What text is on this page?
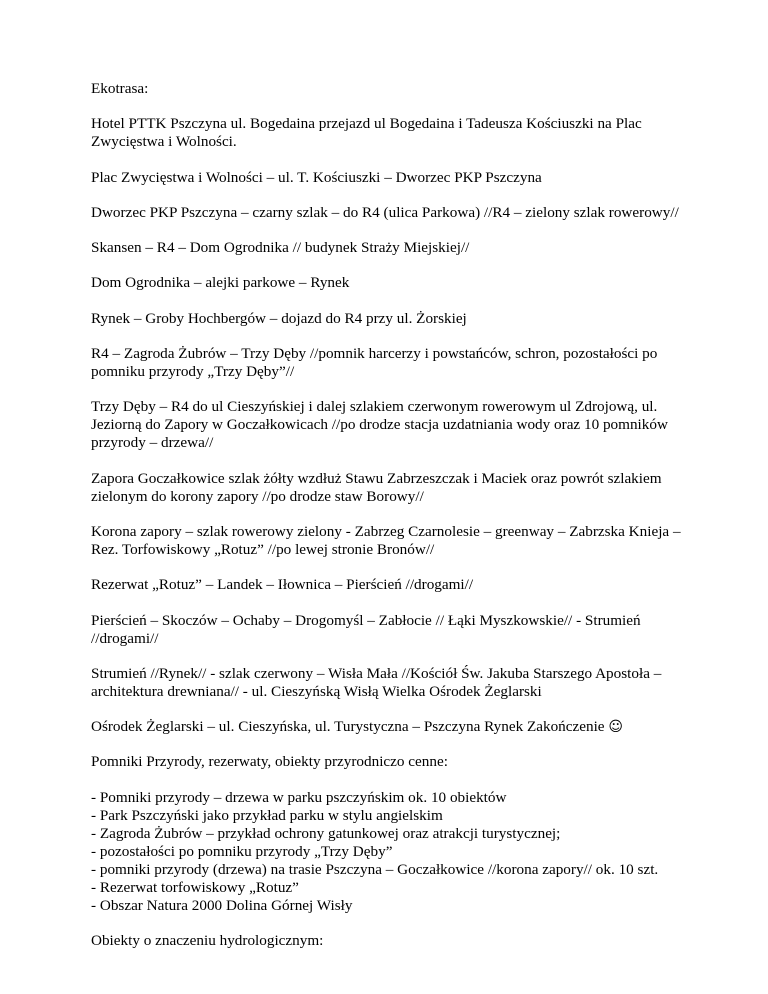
Ekotrasa:

Hotel PTTK Pszczyna ul. Bogedaina przejazd ul Bogedaina i Tadeusza Kościuszki na Plac Zwycięstwa i Wolności.

Plac Zwycięstwa i Wolności – ul. T. Kościuszki – Dworzec PKP Pszczyna

Dworzec PKP Pszczyna – czarny szlak – do R4 (ulica Parkowa) //R4 – zielony szlak rowerowy//

Skansen – R4 – Dom Ogrodnika // budynek Straży Miejskiej//

Dom Ogrodnika – alejki parkowe – Rynek

Rynek – Groby Hochbergów – dojazd do R4 przy ul. Żorskiej

R4 – Zagroda Żubrów – Trzy Dęby //pomnik harcerzy i powstańców, schron, pozostałości po pomniku przyrody „Trzy Dęby”//

Trzy Dęby – R4 do ul Cieszyńskiej i dalej szlakiem czerwonym rowerowym ul Zdrojową, ul. Jeziorną do Zapory w Goczałkowicach //po drodze stacja uzdatniania wody oraz 10 pomników przyrody – drzewa//

Zapora Goczałkowice szlak żółty wzdłuż Stawu Zabrzeszczak i Maciek oraz powrót szlakiem zielonym do korony zapory //po drodze staw Borowy//

Korona zapory – szlak rowerowy zielony - Zabrzeg Czarnolesie – greenway – Zabrzska Knieja – Rez. Torfowiskowy „Rotuz” //po lewej stronie Bronów//

Rezerwat „Rotuz” – Landek – Iłownica – Pierścień //drogami//

Pierścień – Skoczów – Ochaby – Drogomyśl – Zabłocie // Łąki Myszkowskie// - Strumień //drogami//

Strumień //Rynek// - szlak czerwony – Wisła Mała //Kościół Św. Jakuba Starszego Apostoła – architektura drewniana// - ul. Cieszyńską Wisłą Wielka Ośrodek Żeglarski

Ośrodek Żeglarski – ul. Cieszyńska, ul. Turystyczna – Pszczyna Rynek Zakończenie ☺

Pomniki Przyrody, rezerwaty, obiekty przyrodniczo cenne:

- Pomniki przyrody – drzewa w parku pszczyńskim ok. 10 obiektów
- Park Pszczyński jako przykład parku w stylu angielskim
- Zagroda Żubrów – przykład ochrony gatunkowej oraz atrakcji turystycznej;
- pozostałości po pomniku przyrody „Trzy Dęby”
- pomniki przyrody (drzewa) na trasie Pszczyna – Goczałkowice //korona zapory// ok. 10 szt.
- Rezerwat torfowiskowy „Rotuz”
- Obszar Natura 2000 Dolina Górnej Wisły

Obiekty o znaczeniu hydrologicznym:
